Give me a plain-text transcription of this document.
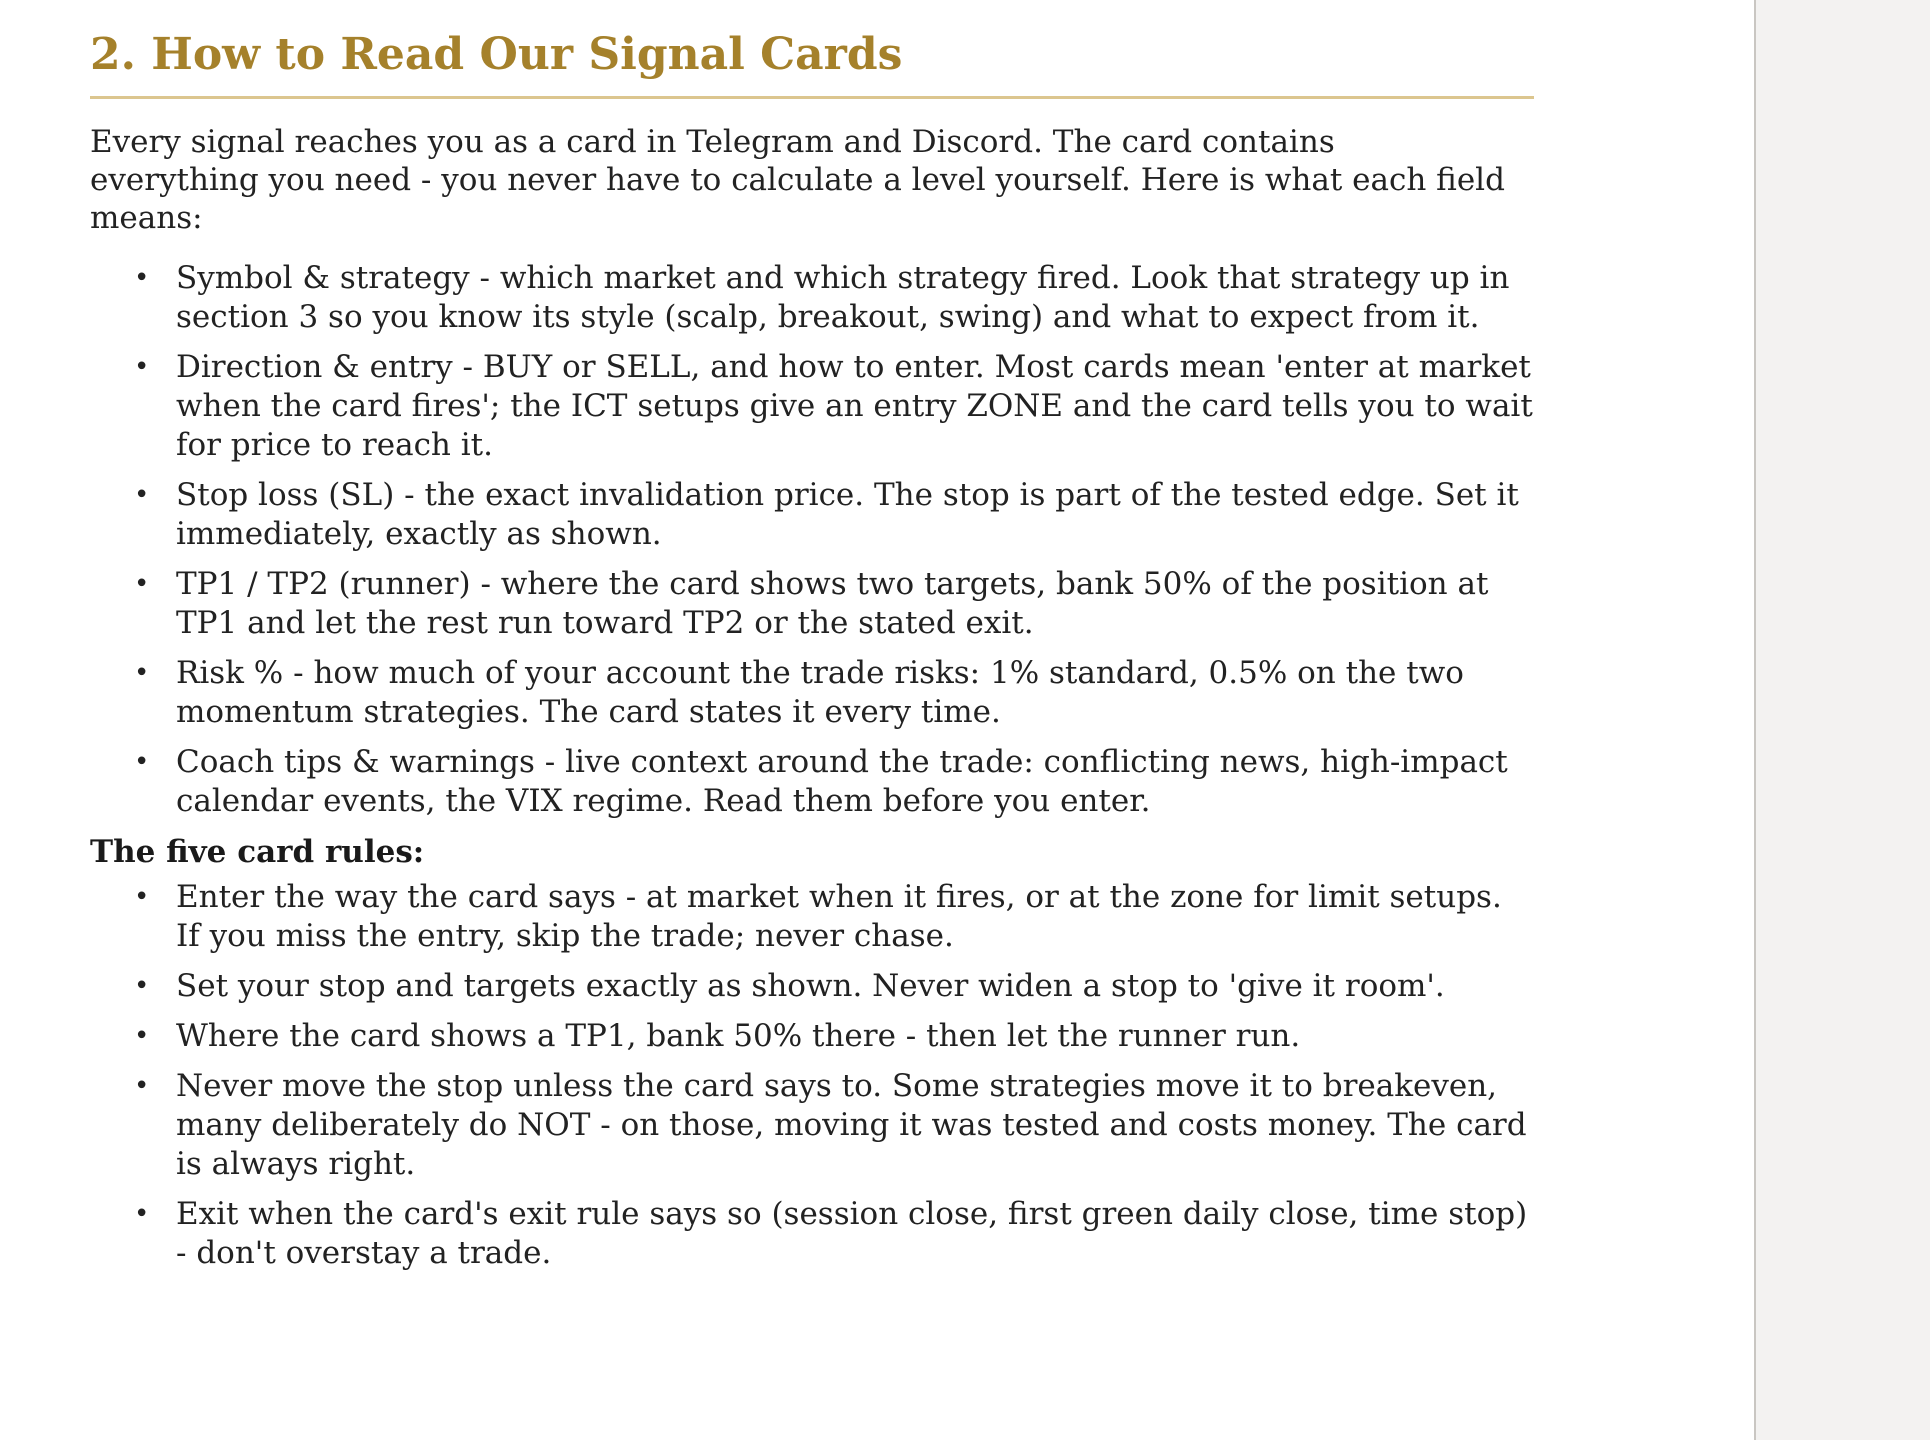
2. How to Read Our Signal Cards

Every signal reaches you as a card in Telegram and Discord. The card contains everything you need - you never have to calculate a level yourself. Here is what each field means:

• Symbol & strategy - which market and which strategy fired. Look that strategy up in section 3 so you know its style (scalp, breakout, swing) and what to expect from it.
• Direction & entry - BUY or SELL, and how to enter. Most cards mean 'enter at market when the card fires'; the ICT setups give an entry ZONE and the card tells you to wait for price to reach it.
• Stop loss (SL) - the exact invalidation price. The stop is part of the tested edge. Set it immediately, exactly as shown.
• TP1 / TP2 (runner) - where the card shows two targets, bank 50% of the position at TP1 and let the rest run toward TP2 or the stated exit.
• Risk % - how much of your account the trade risks: 1% standard, 0.5% on the two momentum strategies. The card states it every time.
• Coach tips & warnings - live context around the trade: conflicting news, high-impact calendar events, the VIX regime. Read them before you enter.
The five card rules:
• Enter the way the card says - at market when it fires, or at the zone for limit setups. If you miss the entry, skip the trade; never chase.
• Set your stop and targets exactly as shown. Never widen a stop to 'give it room'.
• Where the card shows a TP1, bank 50% there - then let the runner run.
• Never move the stop unless the card says to. Some strategies move it to breakeven, many deliberately do NOT - on those, moving it was tested and costs money. The card is always right.
• Exit when the card's exit rule says so (session close, first green daily close, time stop) - don't overstay a trade.
